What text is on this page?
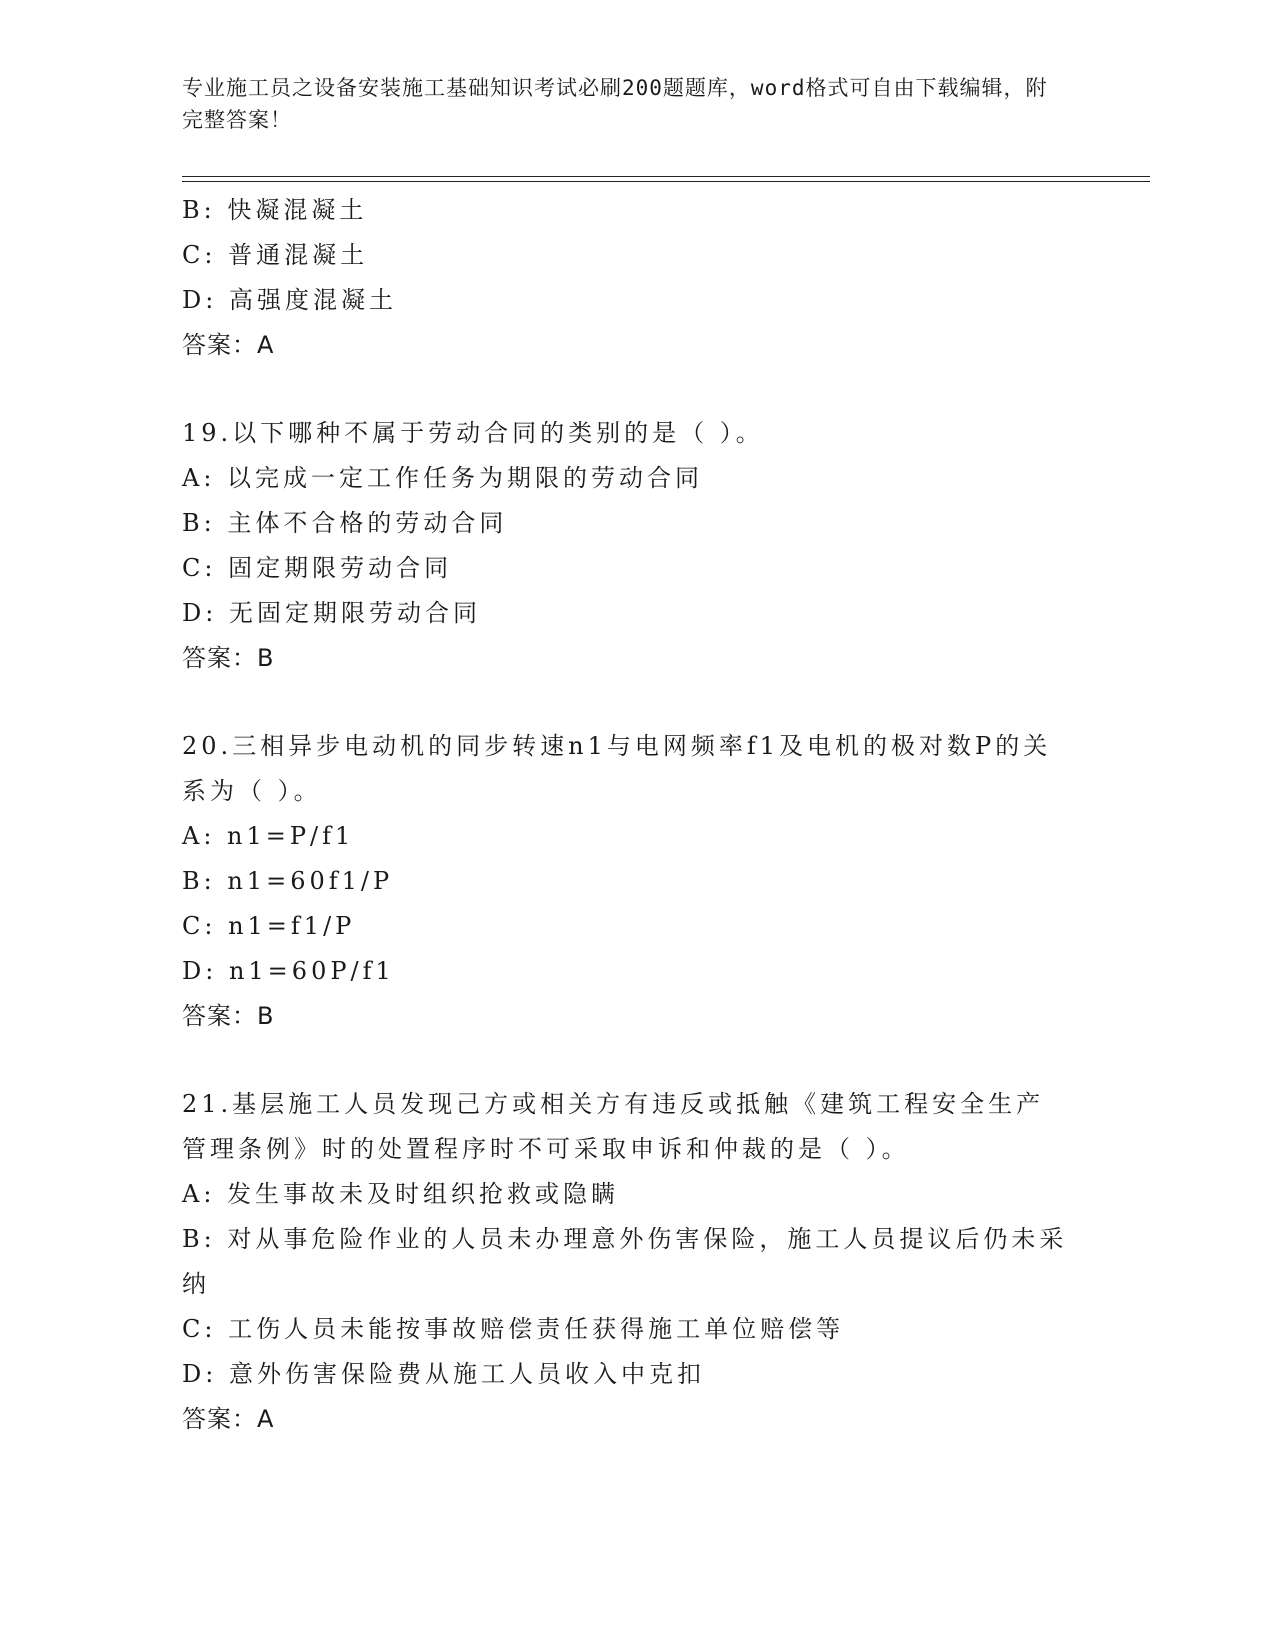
专业施工员之设备安装施工基础知识考试必刷200题题库，word格式可自由下载编辑，附完整答案！
B: 快凝混凝土
C: 普通混凝土
D: 高强度混凝土
答案：A
19.以下哪种不属于劳动合同的类别的是（ ）。
A: 以完成一定工作任务为期限的劳动合同
B: 主体不合格的劳动合同
C: 固定期限劳动合同
D: 无固定期限劳动合同
答案：B
20.三相异步电动机的同步转速n1与电网频率f1及电机的极对数P的关系为（ ）。
A: n1=P/f1
B: n1=60f1/P
C: n1=f1/P
D: n1=60P/f1
答案：B
21.基层施工人员发现己方或相关方有违反或抵触《建筑工程安全生产管理条例》时的处置程序时不可采取申诉和仲裁的是（ ）。
A: 发生事故未及时组织抢救或隐瞒
B: 对从事危险作业的人员未办理意外伤害保险，施工人员提议后仍未采纳
C: 工伤人员未能按事故赔偿责任获得施工单位赔偿等
D: 意外伤害保险费从施工人员收入中克扣
答案：A
